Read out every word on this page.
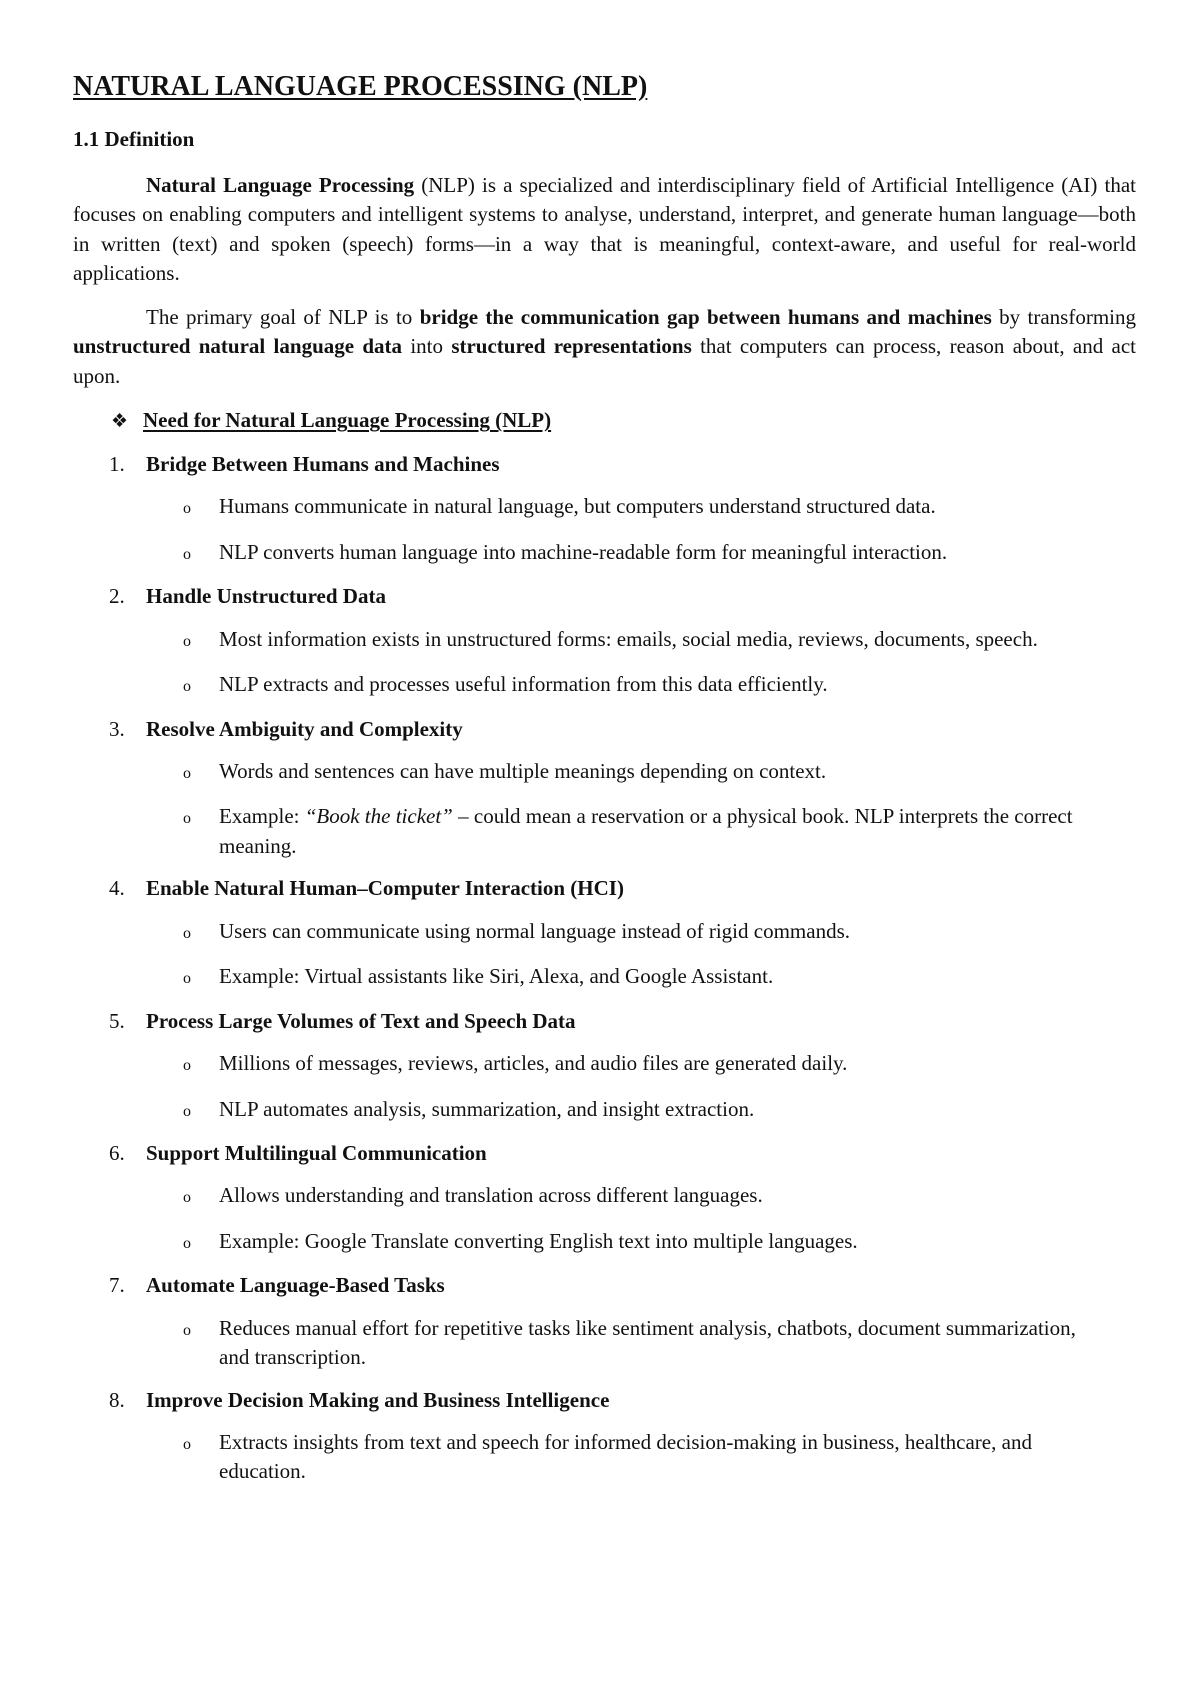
NATURAL LANGUAGE PROCESSING (NLP)
1.1 Definition

Natural Language Processing (NLP) is a specialized and interdisciplinary field of Artificial Intelligence (AI) that focuses on enabling computers and intelligent systems to analyse, understand, interpret, and generate human language—both in written (text) and spoken (speech) forms—in a way that is meaningful, context-aware, and useful for real-world applications.

The primary goal of NLP is to bridge the communication gap between humans and machines by transforming unstructured natural language data into structured representations that computers can process, reason about, and act upon.

❖ Need for Natural Language Processing (NLP)
1.	Bridge Between Humans and Machines
o	Humans communicate in natural language, but computers understand structured data.
o	NLP converts human language into machine-readable form for meaningful interaction.
2.	Handle Unstructured Data
o	Most information exists in unstructured forms: emails, social media, reviews, documents, speech.
o	NLP extracts and processes useful information from this data efficiently.
3.	Resolve Ambiguity and Complexity
o	Words and sentences can have multiple meanings depending on context.
o	Example: “Book the ticket” – could mean a reservation or a physical book. NLP interprets the correct meaning.
4.	Enable Natural Human–Computer Interaction (HCI)
o	Users can communicate using normal language instead of rigid commands.
o	Example: Virtual assistants like Siri, Alexa, and Google Assistant.
5.	Process Large Volumes of Text and Speech Data
o	Millions of messages, reviews, articles, and audio files are generated daily.
o	NLP automates analysis, summarization, and insight extraction.
6.	Support Multilingual Communication
o	Allows understanding and translation across different languages.
o	Example: Google Translate converting English text into multiple languages.
7.	Automate Language-Based Tasks
o	Reduces manual effort for repetitive tasks like sentiment analysis, chatbots, document summarization, and transcription.
8.	Improve Decision Making and Business Intelligence
o	Extracts insights from text and speech for informed decision-making in business, healthcare, and education.
